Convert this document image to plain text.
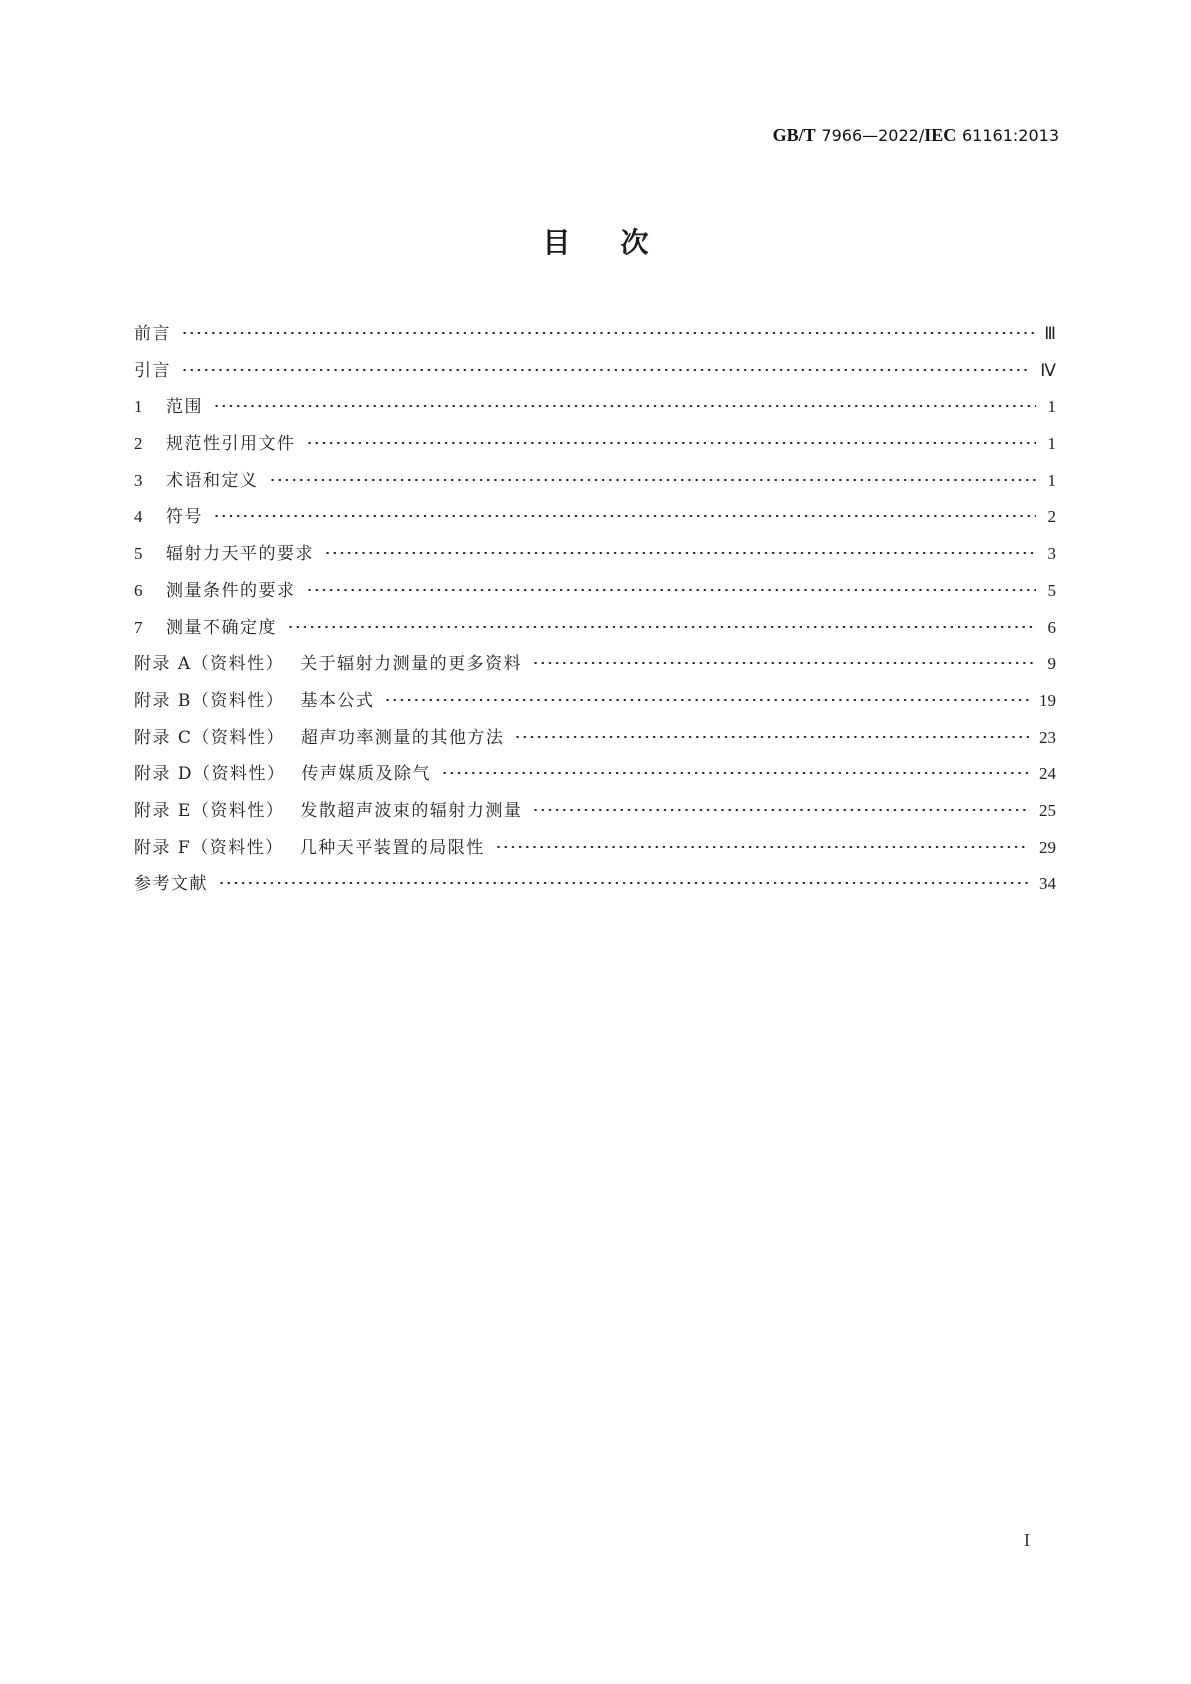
GB/T 7966—2022/IEC 61161:2013
目 次
前言	Ⅲ
引言	Ⅳ
1 范围	1
2 规范性引用文件	1
3 术语和定义	1
4 符号	2
5 辐射力天平的要求	3
6 测量条件的要求	5
7 测量不确定度	6
附录 A（资料性） 关于辐射力测量的更多资料	9
附录 B（资料性） 基本公式	19
附录 C（资料性） 超声功率测量的其他方法	23
附录 D（资料性） 传声媒质及除气	24
附录 E（资料性） 发散超声波束的辐射力测量	25
附录 F（资料性） 几种天平装置的局限性	29
参考文献	34
I
